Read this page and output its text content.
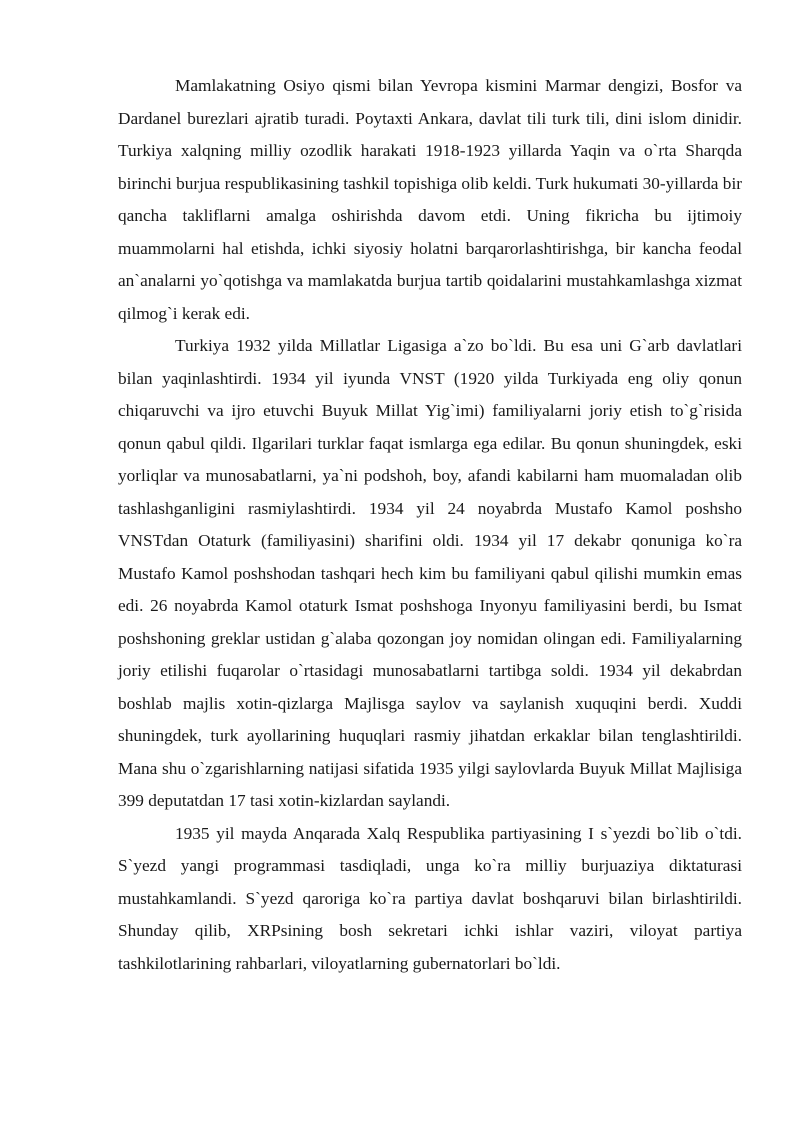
Mamlakatning Osiyo qismi bilan Yevropa kismini Marmar dengizi, Bosfor va Dardanel burezlari ajratib turadi. Poytaxti Ankara, davlat tili turk tili, dini islom dinidir. Turkiya xalqning milliy ozodlik harakati 1918-1923 yillarda Yaqin va o`rta Sharqda birinchi burjua respublikasining tashkil topishiga olib keldi. Turk hukumati 30-yillarda bir qancha takliflarni amalga oshirishda davom etdi. Uning fikricha bu ijtimoiy muammolarni hal etishda, ichki siyosiy holatni barqarorlashtirishga, bir kancha feodal an`analarni yo`qotishga va mamlakatda burjua tartib qoidalarini mustahkamlashga xizmat qilmog`i kerak edi.

Turkiya 1932 yilda Millatlar Ligasiga a`zo bo`ldi. Bu esa uni G`arb davlatlari bilan yaqinlashtirdi. 1934 yil iyunda VNST (1920 yilda Turkiyada eng oliy qonun chiqaruvchi va ijro etuvchi Buyuk Millat Yig`imi) familiyalarni joriy etish to`g`risida qonun qabul qildi. Ilgarilari turklar faqat ismlarga ega edilar. Bu qonun shuningdek, eski yorliqlar va munosabatlarni, ya`ni podshoh, boy, afandi kabilarni ham muomaladan olib tashlashganligini rasmiylashtirdi. 1934 yil 24 noyabrda Mustafo Kamol poshsho VNSTdan Otaturk (familiyasini) sharifini oldi. 1934 yil 17 dekabr qonuniga ko`ra Mustafo Kamol poshshodan tashqari hech kim bu familiyani qabul qilishi mumkin emas edi. 26 noyabrda Kamol otaturk Ismat poshshoga Inyonyu familiyasini berdi, bu Ismat poshshoning greklar ustidan g`alaba qozongan joy nomidan olingan edi. Familiyalarning joriy etilishi fuqarolar o`rtasidagi munosabatlarni tartibga soldi. 1934 yil dekabrdan boshlab majlis xotin-qizlarga Majlisga saylov va saylanish xuquqini berdi. Xuddi shuningdek, turk ayollarining huquqlari rasmiy jihatdan erkaklar bilan tenglashtirildi. Mana shu o`zgarishlarning natijasi sifatida 1935 yilgi saylovlarda Buyuk Millat Majlisiga 399 deputatdan 17 tasi xotin-kizlardan saylandi.

1935 yil mayda Anqarada Xalq Respublika partiyasining I s`yezdi bo`lib o`tdi. S`yezd yangi programmasi tasdiqladi, unga ko`ra milliy burjuaziya diktaturasi mustahkamlandi. S`yezd qaroriga ko`ra partiya davlat boshqaruvi bilan birlashtirildi. Shunday qilib, XRPsining bosh sekretari ichki ishlar vaziri, viloyat partiya tashkilotlarining rahbarlari, viloyatlarning gubernatorlari bo`ldi.
